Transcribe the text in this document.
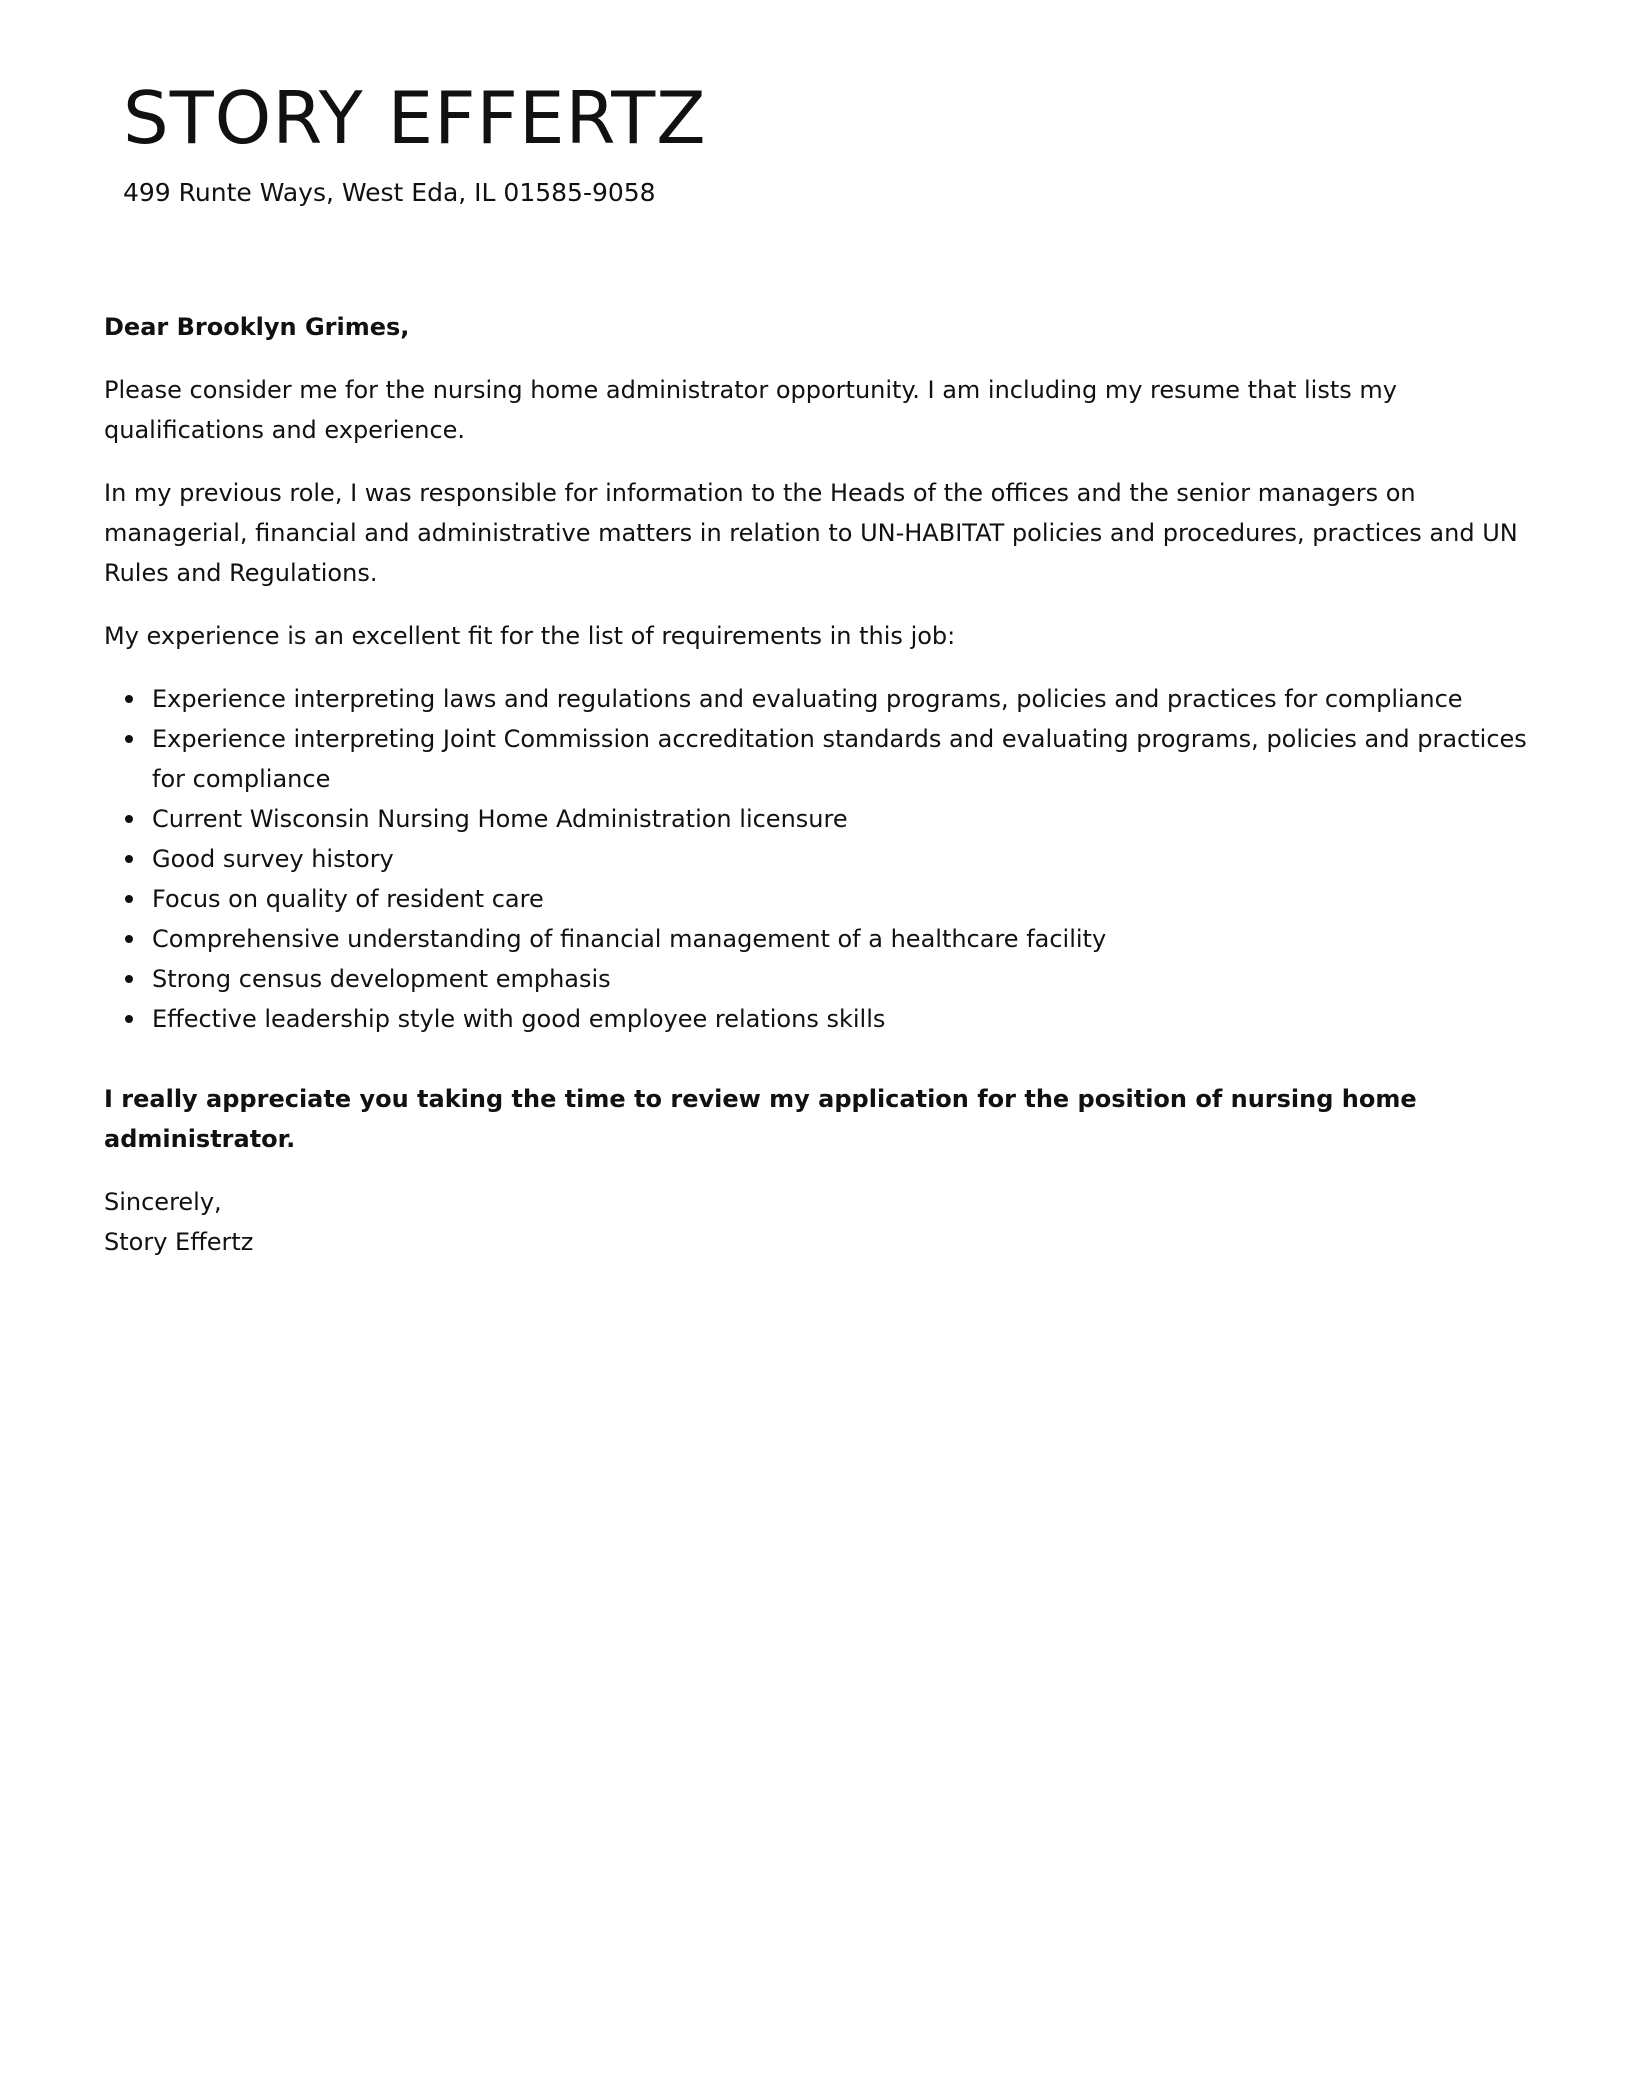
STORY EFFERTZ
499 Runte Ways, West Eda, IL 01585-9058

Dear Brooklyn Grimes,

Please consider me for the nursing home administrator opportunity. I am including my resume that lists my qualifications and experience.

In my previous role, I was responsible for information to the Heads of the offices and the senior managers on managerial, financial and administrative matters in relation to UN-HABITAT policies and procedures, practices and UN Rules and Regulations.

My experience is an excellent fit for the list of requirements in this job:

Experience interpreting laws and regulations and evaluating programs, policies and practices for compliance
Experience interpreting Joint Commission accreditation standards and evaluating programs, policies and practices for compliance
Current Wisconsin Nursing Home Administration licensure
Good survey history
Focus on quality of resident care
Comprehensive understanding of financial management of a healthcare facility
Strong census development emphasis
Effective leadership style with good employee relations skills

I really appreciate you taking the time to review my application for the position of nursing home administrator.

Sincerely,
Story Effertz
